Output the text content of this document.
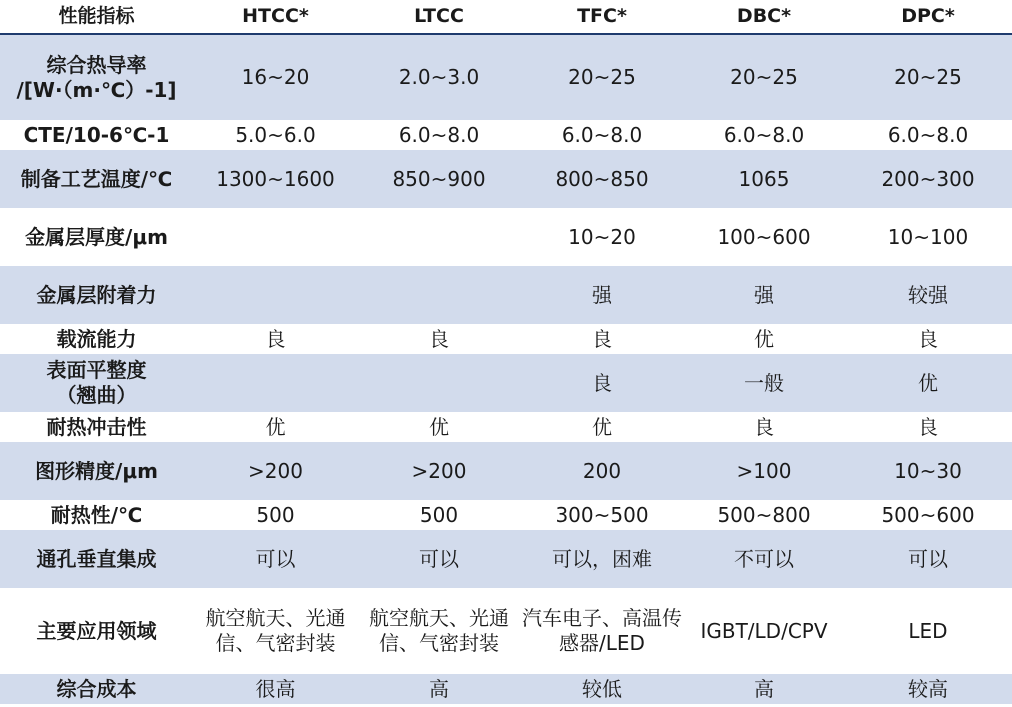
性能指标	HTCC*	LTCC	TFC*	DBC*	DPC*
综合热导率
/[W·（m·℃）-1]	16~20	2.0~3.0	20~25	20~25	20~25
CTE/10-6℃-1	5.0~6.0	6.0~8.0	6.0~8.0	6.0~8.0	6.0~8.0
制备工艺温度/℃	1300~1600	850~900	800~850	1065	200~300
金属层厚度/μm			10~20	100~600	10~100
金属层附着力			强	强	较强
载流能力	良	良	良	优	良
表面平整度
（翘曲）			良	一般	优
耐热冲击性	优	优	优	良	良
图形精度/μm	>200	>200	200	>100	10~30
耐热性/℃	500	500	300~500	500~800	500~600
通孔垂直集成	可以	可以	可以，困难	不可以	可以
主要应用领域	航空航天、光通信、气密封装	航空航天、光通信、气密封装	汽车电子、高温传感器/LED	IGBT/LD/CPV	LED
综合成本	很高	高	较低	高	较高
